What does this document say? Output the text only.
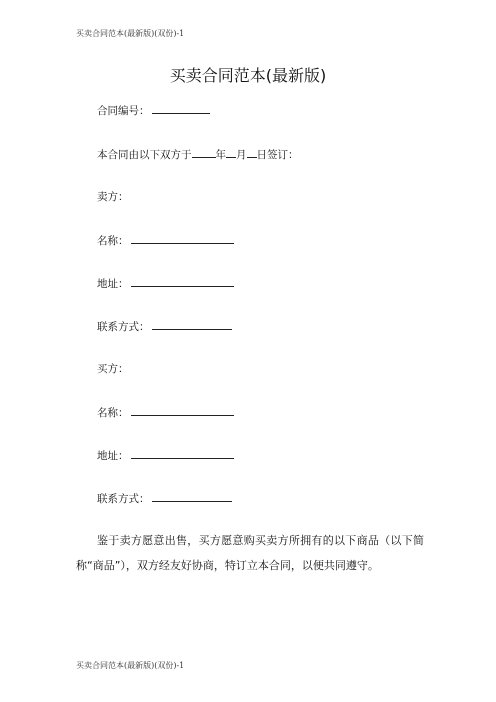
买卖合同范本(最新版)(双份)-1
买卖合同范本(最新版)
合同编号：
本合同由以下双方于 年 月 日签订：
卖方：
名称：
地址：
联系方式：
买方：
名称：
地址：
联系方式：
鉴于卖方愿意出售，买方愿意购买卖方所拥有的以下商品（以下简称“商品”），双方经友好协商，特订立本合同，以便共同遵守。
买卖合同范本(最新版)(双份)-1
